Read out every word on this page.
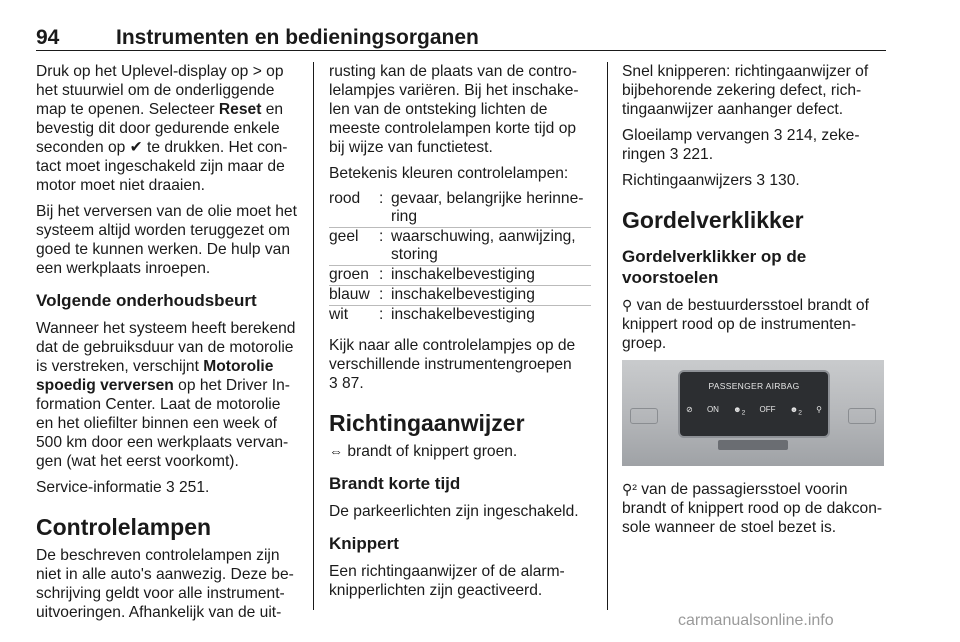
94	Instrumenten en bedieningsorganen

Druk op het Uplevel-display op > op het stuurwiel om de onderliggende map te openen. Selecteer Reset en bevestig dit door gedurende enkele seconden op ✔ te drukken. Het con-tact moet ingeschakeld zijn maar de motor moet niet draaien.

Bij het verversen van de olie moet het systeem altijd worden teruggezet om goed te kunnen werken. De hulp van een werkplaats inroepen.

Volgende onderhoudsbeurt

Wanneer het systeem heeft berekend dat de gebruiksduur van de motorolie is verstreken, verschijnt Motorolie spoedig verversen op het Driver In-formation Center. Laat de motorolie en het oliefilter binnen een week of 500 km door een werkplaats vervan-gen (wat het eerst voorkomt).

Service-informatie 3 251.

Controlelampen

De beschreven controlelampen zijn niet in alle auto's aanwezig. Deze be-schrijving geldt voor alle instrument-uitvoeringen. Afhankelijk van de uit-

rusting kan de plaats van de contro-lelampjes variëren. Bij het inschake-len van de ontsteking lichten de meeste controlelampen korte tijd op bij wijze van functietest.

Betekenis kleuren controlelampen:

rood	:	gevaar, belangrijke herinne-ring
geel	:	waarschuwing, aanwijzing, storing
groen	:	inschakelbevestiging
blauw	:	inschakelbevestiging
wit	:	inschakelbevestiging

Kijk naar alle controlelampjes op de verschillende instrumentengroepen
3 87.

Richtingaanwijzer

⇔ brandt of knippert groen.

Brandt korte tijd

De parkeerlichten zijn ingeschakeld.

Knippert

Een richtingaanwijzer of de alarm-knipperlichten zijn geactiveerd.

Snel knipperen: richtingaanwijzer of bijbehorende zekering defect, rich-tingaanwijzer aanhanger defect.

Gloeilamp vervangen 3 214, zeke-ringen 3 221.

Richtingaanwijzers 3 130.

Gordelverklikker
Gordelverklikker op de voorstoelen

⚲ van de bestuurdersstoel brandt of knippert rood op de instrumenten-groep.

PASSENGER AIRBAG
⊘ ON $☻_2$ OFF $☻_2$ ⚲

⚲² van de passagiersstoel voorin brandt of knippert rood op de dakcon-sole wanneer de stoel bezet is.

carmanualsonline.info
